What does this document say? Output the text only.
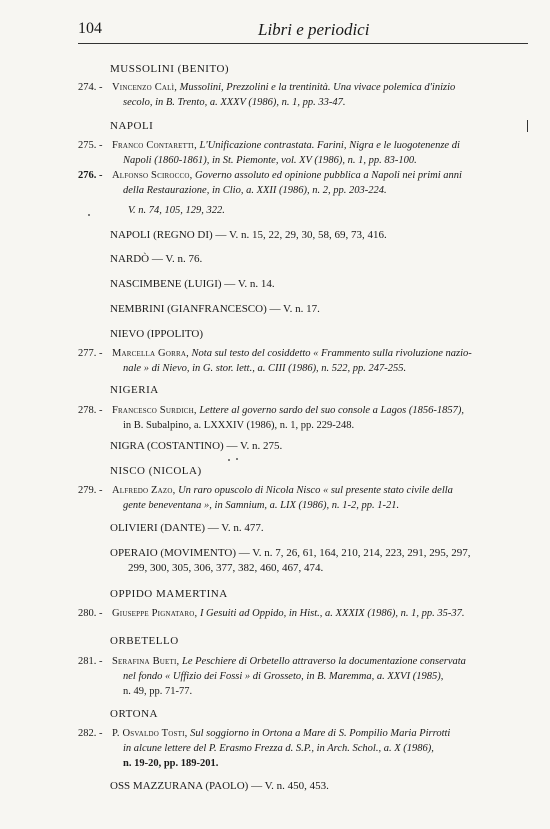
104	Libri e periodici
MUSSOLINI (BENITO)
274. - Vincenzo Calì, Mussolini, Prezzolini e la trentinità. Una vivace polemica d'inizio
secolo, in B. Trento, a. XXXV (1986), n. 1, pp. 33-47.
NAPOLI
275. - Franco Contaretti, L'Unificazione contrastata. Farini, Nigra e le luogotenenze di
Napoli (1860-1861), in St. Piemonte, vol. XV (1986), n. 1, pp. 83-100.
276. - Alfonso Scirocco, Governo assoluto ed opinione pubblica a Napoli nei primi anni
della Restaurazione, in Clio, a. XXII (1986), n. 2, pp. 203-224.
V. n. 74, 105, 129, 322.
NAPOLI (REGNO DI) — V. n. 15, 22, 29, 30, 58, 69, 73, 416.
NARDÒ — V. n. 76.
NASCIMBENE (LUIGI) — V. n. 14.
NEMBRINI (GIANFRANCESCO) — V. n. 17.
NIEVO (IPPOLITO)
277. - Marcella Gorra, Nota sul testo del cosiddetto « Frammento sulla rivoluzione nazio-
nale » di Nievo, in G. stor. lett., a. CIII (1986), n. 522, pp. 247-255.
NIGERIA
278. - Francesco Surdich, Lettere al governo sardo del suo console a Lagos (1856-1857),
in B. Subalpino, a. LXXXIV (1986), n. 1, pp. 229-248.
NIGRA (COSTANTINO) — V. n. 275.
NISCO (NICOLA)
279. - Alfredo Zazo, Un raro opuscolo di Nicola Nisco « sul presente stato civile della
gente beneventana », in Samnium, a. LIX (1986), n. 1-2, pp. 1-21.
OLIVIERI (DANTE) — V. n. 477.
OPERAIO (MOVIMENTO) — V. n. 7, 26, 61, 164, 210, 214, 223, 291, 295, 297,
299, 300, 305, 306, 377, 382, 460, 467, 474.
OPPIDO MAMERTINA
280. - Giuseppe Pignataro, I Gesuiti ad Oppido, in Hist., a. XXXIX (1986), n. 1, pp. 35-37.
ORBETELLO
281. - Serafina Bueti, Le Peschiere di Orbetello attraverso la documentazione conservata
nel fondo « Uffizio dei Fossi » di Grosseto, in B. Maremma, a. XXVI (1985),
n. 49, pp. 71-77.
ORTONA
282. - P. Osvaldo Tosti, Sul soggiorno in Ortona a Mare di S. Pompilio Maria Pirrotti
in alcune lettere del P. Erasmo Frezza d. S.P., in Arch. Schol., a. X (1986),
n. 19-20, pp. 189-201.
OSS MAZZURANA (PAOLO) — V. n. 450, 453.
